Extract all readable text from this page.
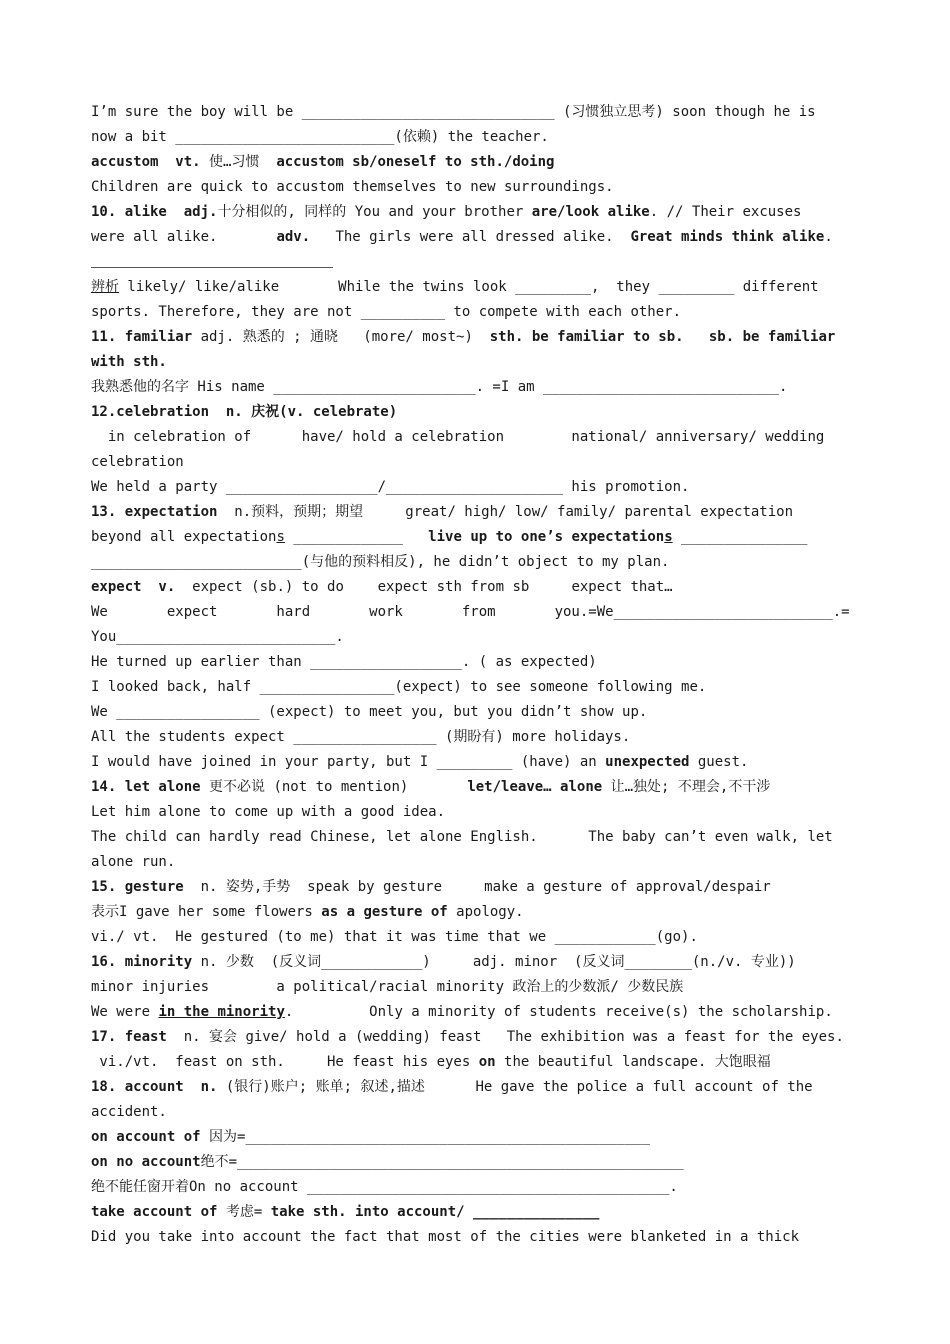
I’m sure the boy will be ______________________________ (习惯独立思考) soon though he is
now a bit __________________________(依赖) the teacher.
accustom  vt. 使…习惯  accustom sb/oneself to sth./doing
Children are quick to accustom themselves to new surroundings.
10. alike  adj.十分相似的, 同样的 You and your brother are/look alike. // Their excuses
were all alike.       adv.   The girls were all dressed alike.  Great minds think alike.
辨析 likely/ like/alike       While the twins look _________,  they _________ different
sports. Therefore, they are not __________ to compete with each other.
11. familiar adj. 熟悉的 ; 通晓   (more/ most~)  sth. be familiar to sb.   sb. be familiar
with sth.
我熟悉他的名字 His name ________________________. =I am ____________________________.
12.celebration  n. 庆祝(v. celebrate)
in celebration of      have/ hold a celebration        national/ anniversary/ wedding
celebration
We held a party __________________/_____________________ his promotion.
13. expectation  n.预料，预期；期望     great/ high/ low/ family/ parental expectation
beyond all expectations _____________   live up to one’s expectations _______________
_________________________(与他的预料相反), he didn’t object to my plan.
expect  v.  expect (sb.) to do    expect sth from sb     expect that…
We       expect       hard       work       from       you.=We__________________________.=
You__________________________.
He turned up earlier than __________________. ( as expected)
I looked back, half ________________(expect) to see someone following me.
We _________________ (expect) to meet you, but you didn’t show up.
All the students expect _________________ (期盼有) more holidays.
I would have joined in your party, but I _________ (have) an unexpected guest.
14. let alone 更不必说 (not to mention)       let/leave… alone 让…独处; 不理会,不干涉
Let him alone to come up with a good idea.
The child can hardly read Chinese, let alone English.      The baby can’t even walk, let
alone run.
15. gesture  n. 姿势,手势  speak by gesture     make a gesture of approval/despair
表示I gave her some flowers as a gesture of apology.
vi./ vt.  He gestured (to me) that it was time that we ____________(go).
16. minority n. 少数  (反义词____________)     adj. minor  (反义词________(n./v. 专业))
minor injuries        a political/racial minority 政治上的少数派/ 少数民族
We were in the minority.         Only a minority of students receive(s) the scholarship.
17. feast  n. 宴会 give/ hold a (wedding) feast   The exhibition was a feast for the eyes.
vi./vt.  feast on sth.     He feast his eyes on the beautiful landscape. 大饱眼福
18. account  n. (银行)账户; 账单; 叙述,描述      He gave the police a full account of the
accident.
on account of 因为=________________________________________________
on no account绝不=_____________________________________________________
绝不能任窗开着On no account ___________________________________________.
take account of 考虑= take sth. into account/ _______________
Did you take into account the fact that most of the cities were blanketed in a thick
